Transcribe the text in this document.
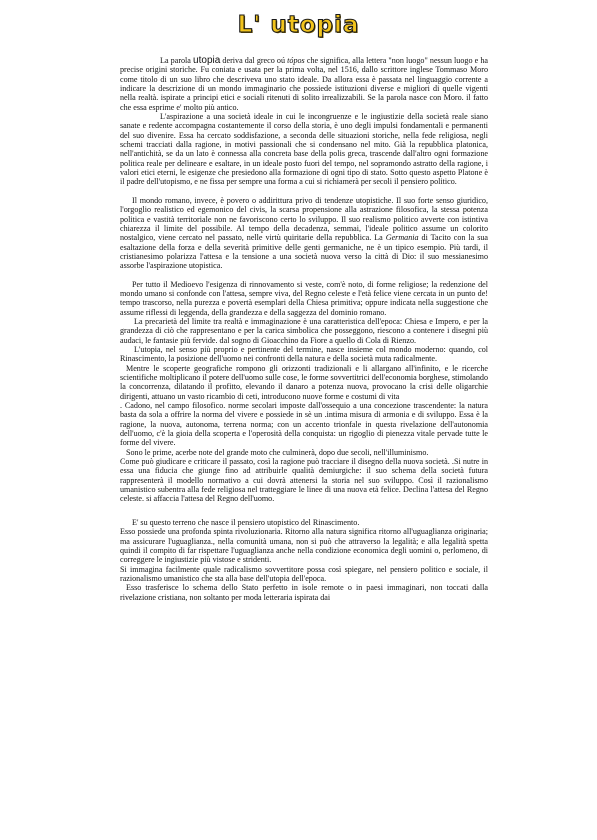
L' utopia

La parola utopia deriva dal greco oú tópos che significa, alla lettera "non luogo" nessun luogo e ha precise origini storiche. Fu coniata e usata per la prima volta, nel 1516, dallo scrittore inglese Tommaso Moro come titolo di un suo libro che descriveva uno stato ideale. Da allora essa è passata nel linguaggio corrente a indicare la descrizione di un mondo immaginario che possiede istituzioni diverse e migliori di quelle vigenti nella realtà. ispirate a principi etici e sociali ritenuti di solito irrealizzabili. Se la parola nasce con Moro. il fatto che essa esprime e' molto più antico.

L'aspirazione a una società ideale in cui le incongruenze e le ingiustizie della società reale siano sanate e redente accompagna costantemente il corso della storia, è uno degli impulsi fondamentali e permanenti del suo divenire. Essa ha cercato soddisfazione, a seconda delle situazioni storiche, nella fede religiosa, negli schemi tracciati dalla ragione, in motivi passionali che si condensano nel mito. Già la repubblica platonica, nell'antichità, se da un lato è connessa alla concreta base della polis greca, trascende dall'altro ogni formazione politica reale per delineare e esaltare, in un ideale posto fuori del tempo, nel sopramondo astratto della ragione, i valori etici eterni, le esigenze che presiedono alla formazione di ogni tipo di stato. Sotto questo aspetto Platone è il padre dell'utopismo, e ne fissa per sempre una forma a cui si richiamerà per secoli il pensiero politico.

Il mondo romano, invece, è povero o addirittura privo di tendenze utopistiche. Il suo forte senso giuridico, l'orgoglio realistico ed egemonico del civis, la scarsa propensione alla astrazione filosofica, la stessa potenza politica e vastità territoriale non ne favoriscono certo lo sviluppo. Il suo realismo politico avverte con istintiva chiarezza il limite del possibile. Al tempo della decadenza, semmai, l'ideale politico assume un colorito nostalgico, viene cercato nel passato, nelle virtù quiritarie della repubblica. La Germania di Tacito con la sua esaltazione della forza e della severità primitive delle genti germaniche, ne è un tipico esempio. Più tardi, il cristianesimo polarizza l'attesa e la tensione a una società nuova verso la città di Dio: il suo messianesimo assorbe l'aspirazione utopistica.

Per tutto il Medioevo l'esigenza di rinnovamento si veste, com'è noto, di forme religiose; la redenzione del mondo umano si confonde con l'attesa, sempre viva, del Regno celeste e l'età felice viene cercata in un punto de! tempo trascorso, nella purezza e povertà esemplari della Chiesa primitiva; oppure indicata nella suggestione che assume riflessi di leggenda, della grandezza e della saggezza del dominio romano.

La precarietà del limite tra realtà e immaginazione è una caratteristica dell'epoca: Chiesa e Impero, e per la grandezza di ciò che rappresentano e per la carica simbolica che posseggono, riescono a contenere i disegni più audaci, le fantasie più fervide. dal sogno di Gioacchino da Fiore a quello di Cola di Rienzo.

L'utopia, nel senso più proprio e pertinente del termine, nasce insieme col mondo moderno: quando, col Rinascimento, la posizione dell'uomo nei confronti della natura e della società muta radicalmente.

Mentre le scoperte geografiche rompono gli orizzonti tradizionali e li allargano all'infinito, e le ricerche scientifiche moltiplicano il potere dell'uomo sulle cose, le forme sovvertitrici dell'economia borghese, stimolando la concorrenza, dilatando il profitto, elevando il danaro a potenza nuova, provocano la crisi delle oligarchie dirigenti, attuano un vasto ricambio di ceti, introducono nuove forme e costumi di vita

. Cadono, nel campo filosofico. norme secolari imposte dall'ossequio a una concezione trascendente: la natura basta da sola a offrire la norma del vivere e possiede in sè un .intima misura di armonia e di sviluppo. Essa è la ragione, la nuova, autonoma, terrena norma; con un accento trionfale in questa rivelazione dell'autonomia dell'uomo, c'è la gioia della scoperta e l'operosità della conquista: un rigoglio di pienezza vitale pervade tutte le forme del vivere.

Sono le prime, acerbe note del grande moto che culminerà, dopo due secoli, nell'illuminismo.

Come può giudicare e criticare il passato, così la ragione può tracciare il disegno della nuova società. .Si nutre in essa una fiducia che giunge fino ad attribuirle qualità demiurgiche: il suo schema della società futura rappresenterà il modello normativo a cui dovrà attenersi la storia nel suo sviluppo. Così il razionalismo umanistico subentra alla fede religiosa nel tratteggiare le linee di una nuova età felice. Declina l'attesa del Regno celeste. si affaccia l'attesa del Regno dell'uomo.

E' su questo terreno che nasce il pensiero utopistico del Rinascimento.

Esso possiede una profonda spinta rivoluzionaria. Ritorno alla natura significa ritorno all'uguaglianza originaria; ma assicurare l'uguaglianza., nella comunità umana, non si può che attraverso la legalità; e alla legalità spetta quindi il compito di far rispettare l'uguaglianza anche nella condizione economica degli uomini o, perlomeno, di correggere le ingiustizie più vistose e stridenti.

Si immagina facilmente quale radicalismo sovvertitore possa così spiegare, nel pensiero politico e sociale, il razionalismo umanistico che sta alla base dell'utopia dell'epoca.

Esso trasferisce lo schema dello Stato perfetto in isole remote o in paesi immaginari, non toccati dalla rivelazione cristiana, non soltanto per moda letteraria ispirata dai
